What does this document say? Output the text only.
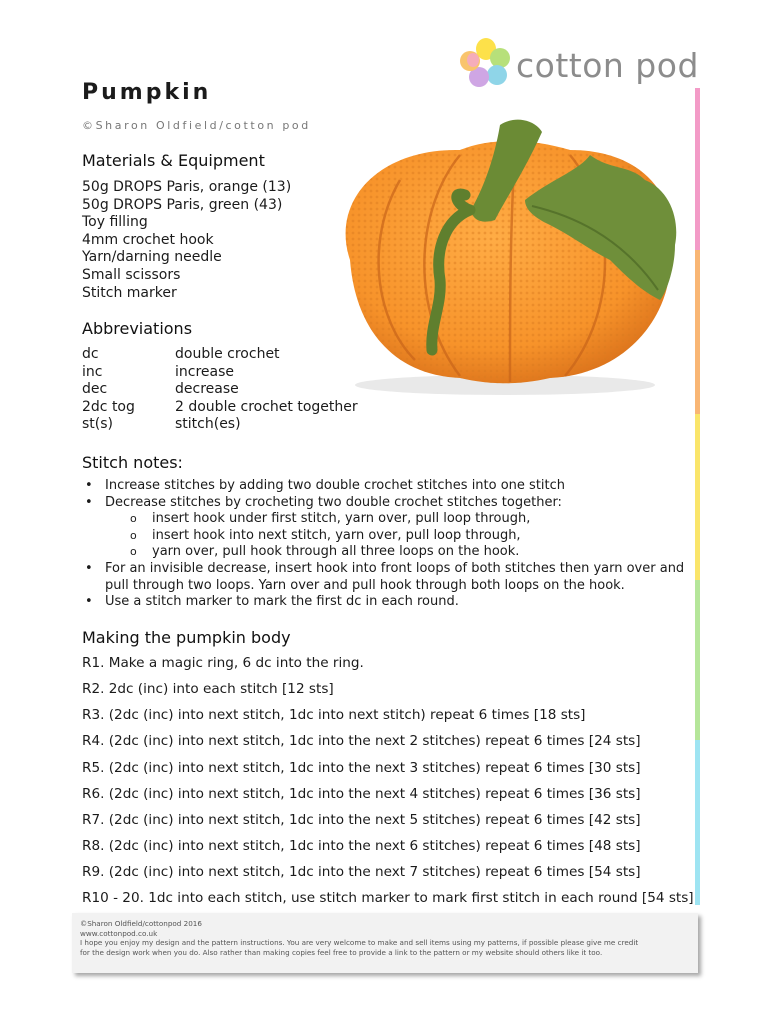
cotton pod
Pumpkin
©Sharon Oldfield/cotton pod
Materials & Equipment
50g DROPS Paris, orange (13)
50g DROPS Paris, green (43)
Toy filling
4mm crochet hook
Yarn/darning needle
Small scissors
Stitch marker
Abbreviations
dc	double crochet
inc	increase
dec	decrease
2dc tog	2 double crochet together
st(s)	stitch(es)
Stitch notes:
• Increase stitches by adding two double crochet stitches into one stitch
• Decrease stitches by crocheting two double crochet stitches together:
o insert hook under first stitch, yarn over, pull loop through,
o insert hook into next stitch, yarn over, pull loop through,
o yarn over, pull hook through all three loops on the hook.
• For an invisible decrease, insert hook into front loops of both stitches then yarn over and pull through two loops. Yarn over and pull hook through both loops on the hook.
• Use a stitch marker to mark the first dc in each round.
Making the pumpkin body
R1. Make a magic ring, 6 dc into the ring.
R2. 2dc (inc) into each stitch [12 sts]
R3. (2dc (inc) into next stitch, 1dc into next stitch) repeat 6 times [18 sts]
R4. (2dc (inc) into next stitch, 1dc into the next 2 stitches) repeat 6 times [24 sts]
R5. (2dc (inc) into next stitch, 1dc into the next 3 stitches) repeat 6 times [30 sts]
R6. (2dc (inc) into next stitch, 1dc into the next 4 stitches) repeat 6 times [36 sts]
R7. (2dc (inc) into next stitch, 1dc into the next 5 stitches) repeat 6 times [42 sts]
R8. (2dc (inc) into next stitch, 1dc into the next 6 stitches) repeat 6 times [48 sts]
R9. (2dc (inc) into next stitch, 1dc into the next 7 stitches) repeat 6 times [54 sts]
R10 - 20. 1dc into each stitch, use stitch marker to mark first stitch in each round [54 sts]
©Sharon Oldfield/cottonpod 2016
www.cottonpod.co.uk
I hope you enjoy my design and the pattern instructions. You are very welcome to make and sell items using my patterns, if possible please give me credit
for the design work when you do. Also rather than making copies feel free to provide a link to the pattern or my website should others like it too.
